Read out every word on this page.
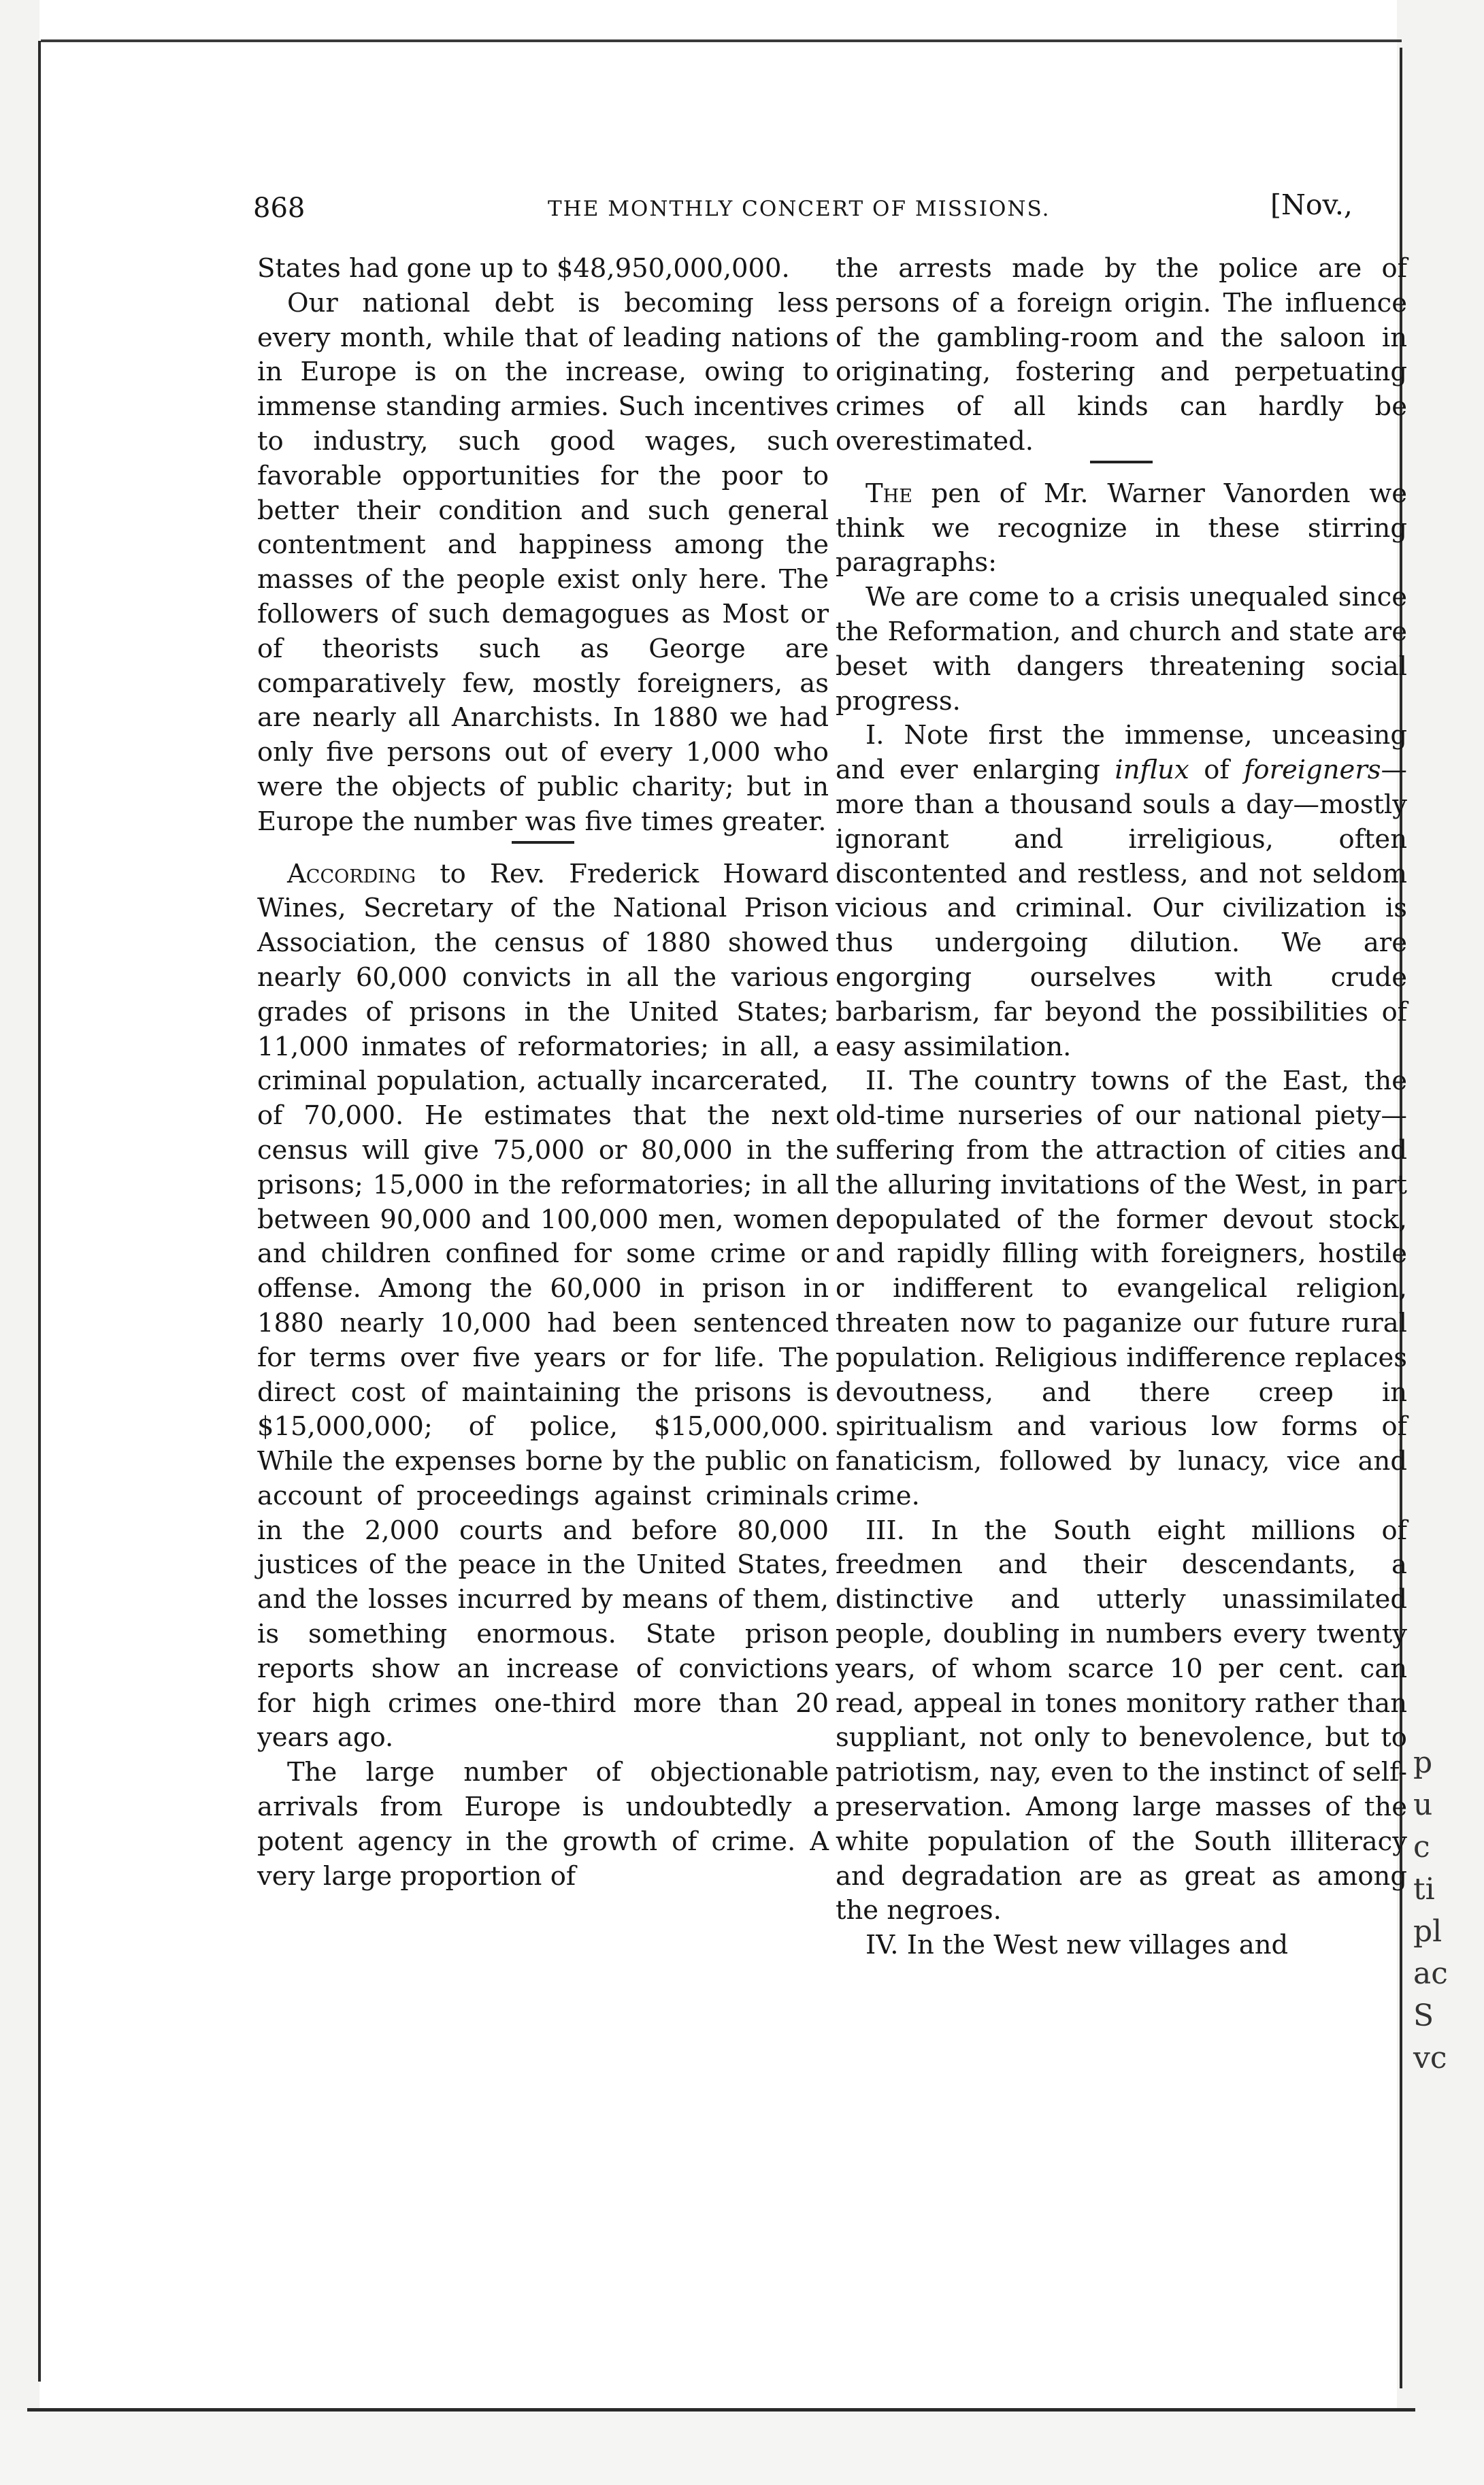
p
u
c
ti
pl
ac
S
vc
868	THE MONTHLY CONCERT OF MISSIONS.	[Nov.,

States had gone up to $48,950,000,000.

Our national debt is becoming less every month, while that of leading nations in Europe is on the increase, owing to immense standing armies. Such incentives to industry, such good wages, such favorable opportunities for the poor to better their condition and such general contentment and happiness among the masses of the people exist only here. The followers of such demagogues as Most or of theorists such as George are comparatively few, mostly foreigners, as are nearly all Anarchists. In 1880 we had only five persons out of every 1,000 who were the objects of public charity; but in Europe the number was five times greater.

According to Rev. Frederick Howard Wines, Secretary of the National Prison Association, the census of 1880 showed nearly 60,000 convicts in all the various grades of prisons in the United States; 11,000 inmates of reformatories; in all, a criminal population, actually incarcerated, of 70,000. He estimates that the next census will give 75,000 or 80,000 in the prisons; 15,000 in the reformatories; in all between 90,000 and 100,000 men, women and children confined for some crime or offense. Among the 60,000 in prison in 1880 nearly 10,000 had been sentenced for terms over five years or for life. The direct cost of maintaining the prisons is $15,000,000; of police, $15,000,000. While the expenses borne by the public on account of proceedings against criminals in the 2,000 courts and before 80,000 justices of the peace in the United States, and the losses incurred by means of them, is something enormous. State prison reports show an increase of convictions for high crimes one-third more than 20 years ago.

The large number of objectionable arrivals from Europe is undoubtedly a potent agency in the growth of crime. A very large proportion of

the arrests made by the police are of persons of a foreign origin. The influence of the gambling-room and the saloon in originating, fostering and perpetuating crimes of all kinds can hardly be overestimated.

The pen of Mr. Warner Vanorden we think we recognize in these stirring paragraphs:

We are come to a crisis unequaled since the Reformation, and church and state are beset with dangers threatening social progress.

I. Note first the immense, unceasing and ever enlarging influx of foreigners—more than a thousand souls a day—mostly ignorant and irreligious, often discontented and restless, and not seldom vicious and criminal. Our civilization is thus undergoing dilution. We are engorging ourselves with crude barbarism, far beyond the possibilities of easy assimilation.

II. The country towns of the East, the old-time nurseries of our national piety—suffering from the attraction of cities and the alluring invitations of the West, in part depopulated of the former devout stock, and rapidly filling with foreigners, hostile or indifferent to evangelical religion, threaten now to paganize our future rural population. Religious indifference replaces devoutness, and there creep in spiritualism and various low forms of fanaticism, followed by lunacy, vice and crime.

III. In the South eight millions of freedmen and their descendants, a distinctive and utterly unassimilated people, doubling in numbers every twenty years, of whom scarce 10 per cent. can read, appeal in tones monitory rather than suppliant, not only to benevolence, but to patriotism, nay, even to the instinct of self-preservation. Among large masses of the white population of the South illiteracy and degradation are as great as among the negroes.

IV. In the West new villages and
